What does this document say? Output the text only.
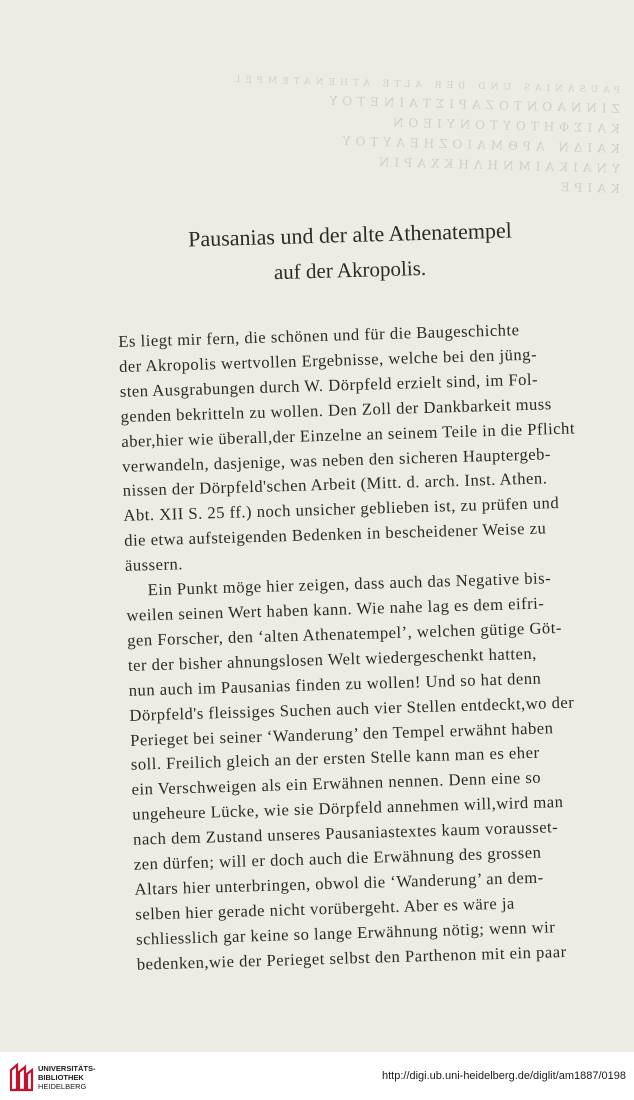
PAUSANIAS UND DER ALTE ATHENATEMPEL
ΖΙΝΝΑΟΝΤΟΖΑΡΙΣΤΑΙΝΕΤΟΥ
ΚΑΙΣΦΗΤΟΥΤΟΝΥΙΕΟΝ
ΚΑΙΔΝ ΑΡΘΜΑΙΟΖΗΕΑΥΤΟΥ
ΥΝΑΙΚΑΙΜΝΗΛΗΚΧΑΡΙΝ
ΚΑΙΡΕ
Pausanias und der alte Athenatempel
auf der Akropolis.

Es liegt mir fern, die schönen und für die Baugeschichte
der Akropolis wertvollen Ergebnisse, welche bei den jüng-
sten Ausgrabungen durch W. Dörpfeld erzielt sind, im Fol-
genden bekritteln zu wollen. Den Zoll der Dankbarkeit muss
aber,hier wie überall,der Einzelne an seinem Teile in die Pflicht
verwandeln, dasjenige, was neben den sicheren Hauptergeb-
nissen der Dörpfeld'schen Arbeit (Mitt. d. arch. Inst. Athen.
Abt. XII S. 25 ff.) noch unsicher geblieben ist, zu prüfen und
die etwa aufsteigenden Bedenken in bescheidener Weise zu
äussern.

Ein Punkt möge hier zeigen, dass auch das Negative bis-
weilen seinen Wert haben kann. Wie nahe lag es dem eifri-
gen Forscher, den ‘alten Athenatempel’, welchen gütige Göt-
ter der bisher ahnungslosen Welt wiedergeschenkt hatten,
nun auch im Pausanias finden zu wollen! Und so hat denn
Dörpfeld's fleissiges Suchen auch vier Stellen entdeckt,wo der
Perieget bei seiner ‘Wanderung’ den Tempel erwähnt haben
soll. Freilich gleich an der ersten Stelle kann man es eher
ein Verschweigen als ein Erwähnen nennen. Denn eine so
ungeheure Lücke, wie sie Dörpfeld annehmen will,wird man
nach dem Zustand unseres Pausaniastextes kaum vorausset-
zen dürfen; will er doch auch die Erwähnung des grossen
Altars hier unterbringen, obwol die ‘Wanderung’ an dem-
selben hier gerade nicht vorübergeht. Aber es wäre ja
schliesslich gar keine so lange Erwähnung nötig; wenn wir
bedenken,wie der Perieget selbst den Parthenon mit ein paar

UNIVERSITÄTS-
BIBLIOTHEK
HEIDELBERG
http://digi.ub.uni-heidelberg.de/diglit/am1887/0198
